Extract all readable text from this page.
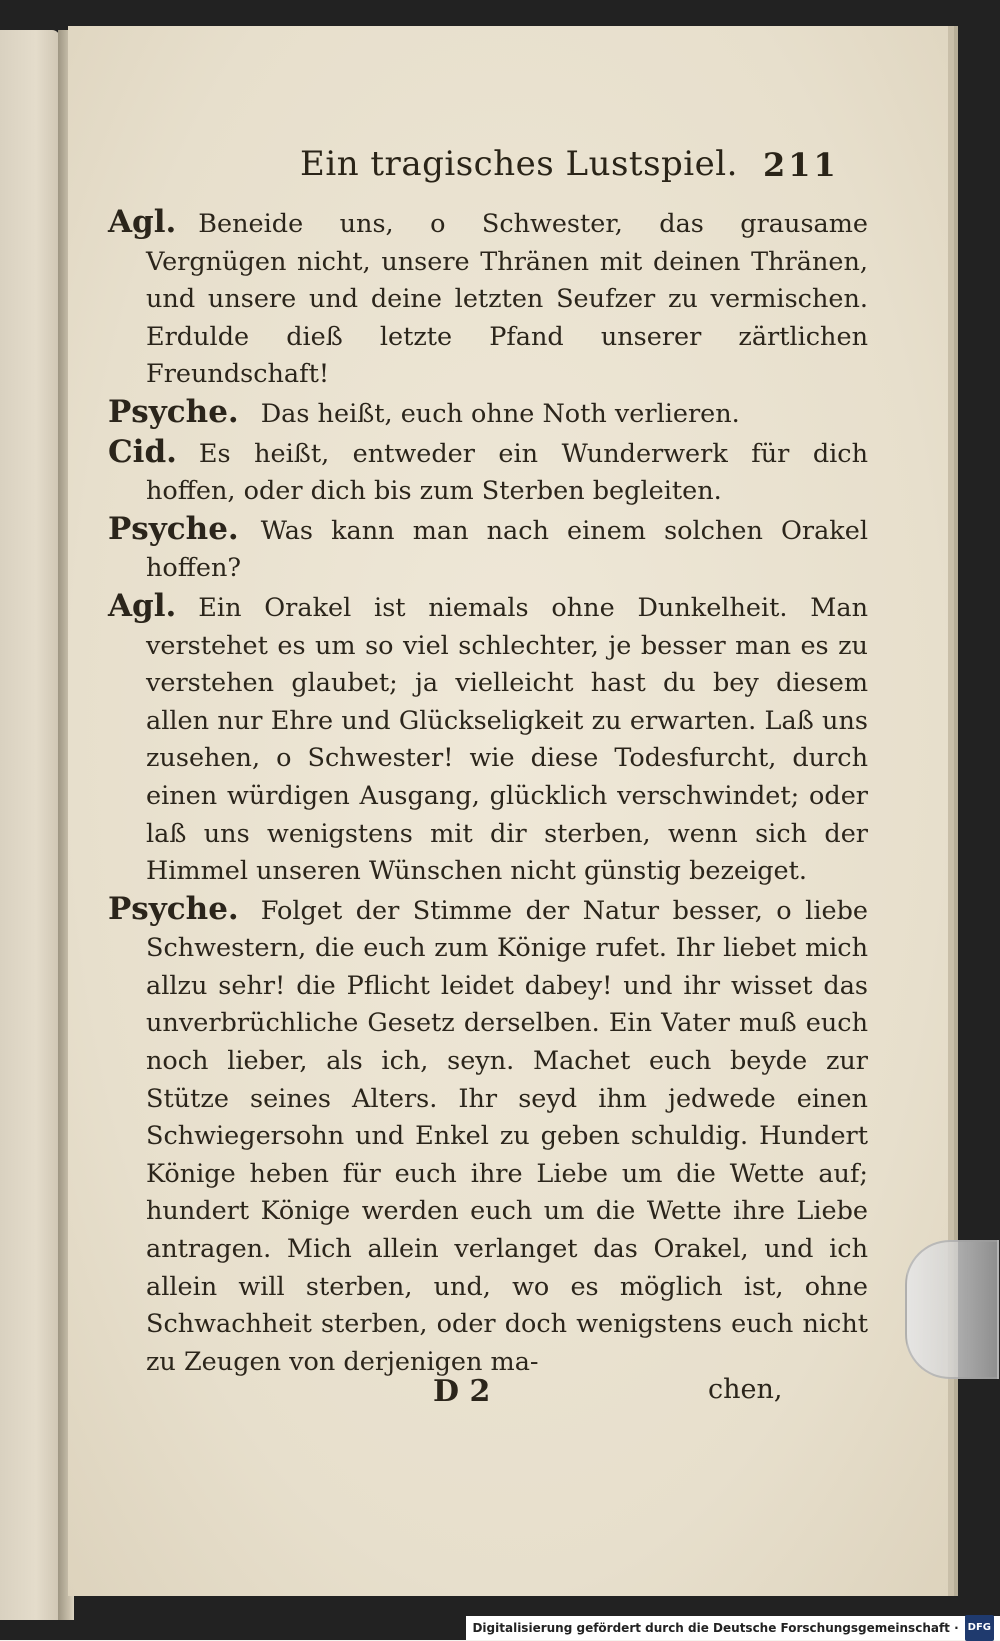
Ein tragisches Lustspiel. 211

Agl. Beneide uns, o Schwester, das grausame Vergnügen nicht, unsere Thränen mit deinen Thränen, und unsere und deine letzten Seufzer zu vermischen. Erdulde dieß letzte Pfand unserer zärtlichen Freundschaft!

Psyche. Das heißt, euch ohne Noth verlieren.

Cid. Es heißt, entweder ein Wunderwerk für dich hoffen, oder dich bis zum Sterben begleiten.

Psyche. Was kann man nach einem solchen Orakel hoffen?

Agl. Ein Orakel ist niemals ohne Dunkelheit. Man verstehet es um so viel schlechter, je besser man es zu verstehen glaubet; ja vielleicht hast du bey diesem allen nur Ehre und Glückseligkeit zu erwarten. Laß uns zusehen, o Schwester! wie diese Todesfurcht, durch einen würdigen Ausgang, glücklich verschwindet; oder laß uns wenigstens mit dir sterben, wenn sich der Himmel unseren Wünschen nicht günstig bezeiget.

Psyche. Folget der Stimme der Natur besser, o liebe Schwestern, die euch zum Könige rufet. Ihr liebet mich allzu sehr! die Pflicht leidet dabey! und ihr wisset das unverbrüchliche Gesetz derselben. Ein Vater muß euch noch lieber, als ich, seyn. Machet euch beyde zur Stütze seines Alters. Ihr seyd ihm jedwede einen Schwiegersohn und Enkel zu geben schuldig. Hundert Könige heben für euch ihre Liebe um die Wette auf; hundert Könige werden euch um die Wette ihre Liebe antragen. Mich allein verlanget das Orakel, und ich allein will sterben, und, wo es möglich ist, ohne Schwachheit sterben, oder doch wenigstens euch nicht zu Zeugen von derjenigen ma-

D 2	chen,
Digitalisierung gefördert durch die Deutsche Forschungsgemeinschaft · DFG
